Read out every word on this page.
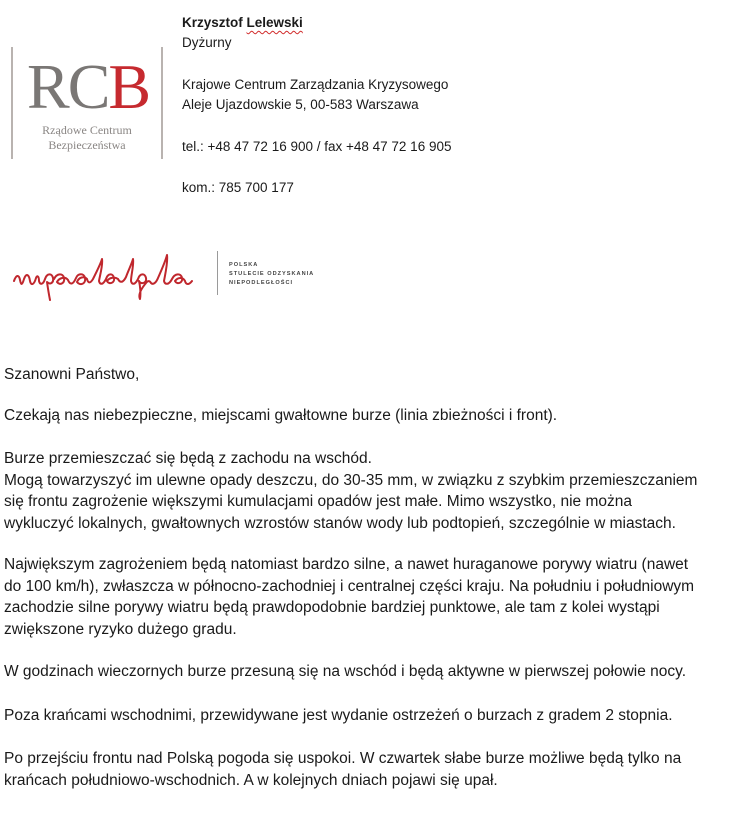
RCB
Rządowe Centrum
Bezpieczeństwa
Krzysztof Lelewski
Dyżurny
Krajowe Centrum Zarządzania Kryzysowego
Aleje Ujazdowskie 5, 00-583 Warszawa
tel.: +48 47 72 16 900 / fax +48 47 72 16 905
kom.: 785 700 177
POLSKA
STULECIE ODZYSKANIA
NIEPODLEGŁOŚCI
Szanowni Państwo,
Czekają nas niebezpieczne, miejscami gwałtowne burze (linia zbieżności i front).
Burze przemieszczać się będą z zachodu na wschód.
Mogą towarzyszyć im ulewne opady deszczu, do 30-35 mm, w związku z szybkim przemieszczaniem
się frontu zagrożenie większymi kumulacjami opadów jest małe. Mimo wszystko, nie można
wykluczyć lokalnych, gwałtownych wzrostów stanów wody lub podtopień, szczególnie w miastach.
Największym zagrożeniem będą natomiast bardzo silne, a nawet huraganowe porywy wiatru (nawet
do 100 km/h), zwłaszcza w północno-zachodniej i centralnej części kraju. Na południu i południowym
zachodzie silne porywy wiatru będą prawdopodobnie bardziej punktowe, ale tam z kolei wystąpi
zwiększone ryzyko dużego gradu.
W godzinach wieczornych burze przesuną się na wschód i będą aktywne w pierwszej połowie nocy.
Poza krańcami wschodnimi, przewidywane jest wydanie ostrzeżeń o burzach z gradem 2 stopnia.
Po przejściu frontu nad Polską pogoda się uspokoi. W czwartek słabe burze możliwe będą tylko na
krańcach południowo-wschodnich. A w kolejnych dniach pojawi się upał.
